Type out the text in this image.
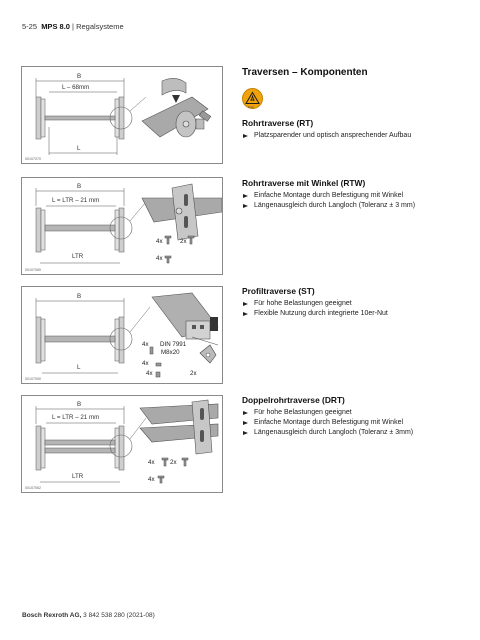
5-25 MPS 8.0 | Regalsysteme
Traversen – Komponenten
ESD
B
L – 68mm
L
00107070
B
L = LTR – 21 mm
LTR
4x	2x
4x
00107080
B
L
4x DIN 7991
M8x20
4x
4x	2x
00107090
B
L = LTR – 21 mm
LTR
4x 2x
4x
00107062
Rohrtraverse (RT)
Platzsparender und optisch ansprechender Aufbau
Rohrtraverse mit Winkel (RTW)
Einfache Montage durch Befestigung mit Winkel
Längenausgleich durch Langloch (Toleranz ± 3 mm)
Profiltraverse (ST)
Für hohe Belastungen geeignet
Flexible Nutzung durch integrierte 10er-Nut
Doppelrohrtraverse (DRT)
Für hohe Belastungen geeignet
Einfache Montage durch Befestigung mit Winkel
Längenausgleich durch Langloch (Toleranz ± 3mm)
Bosch Rexroth AG, 3 842 538 280 (2021-08)
